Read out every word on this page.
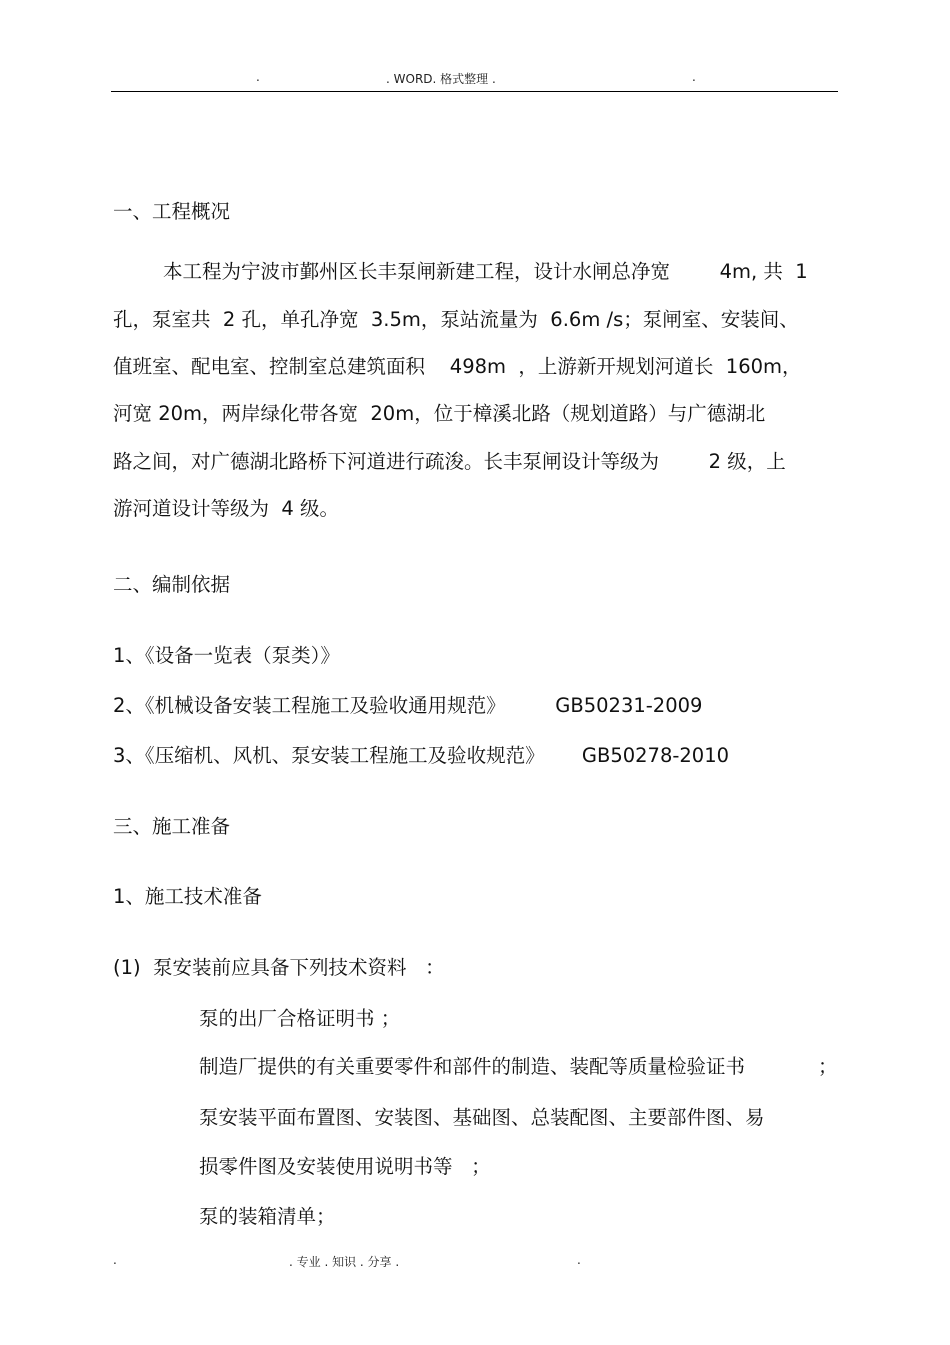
.	. WORD. 格式整理 .	.
一、工程概况
本工程为宁波市鄞州区长丰泵闸新建工程，设计水闸总净宽        4m, 共  1
孔，泵室共  2 孔，单孔净宽  3.5m，泵站流量为  6.6m /s；泵闸室、安装间、
值班室、配电室、控制室总建筑面积    498m  ，上游新开规划河道长  160m，
河宽 20m，两岸绿化带各宽  20m，位于樟溪北路（规划道路）与广德湖北
路之间，对广德湖北路桥下河道进行疏浚。长丰泵闸设计等级为        2 级，上
游河道设计等级为  4 级。
二、编制依据
1、《设备一览表（泵类）》
2、《机械设备安装工程施工及验收通用规范》        GB50231-2009
3、《压缩机、风机、泵安装工程施工及验收规范》      GB50278-2010
三、施工准备
1、施工技术准备
(1)  泵安装前应具备下列技术资料   ：
泵的出厂合格证明书 ；
制造厂提供的有关重要零件和部件的制造、装配等质量检验证书	；
泵安装平面布置图、安装图、基础图、总装配图、主要部件图、易
损零件图及安装使用说明书等   ；
泵的装箱清单；
.	. 专业 . 知识 . 分享 .	.
